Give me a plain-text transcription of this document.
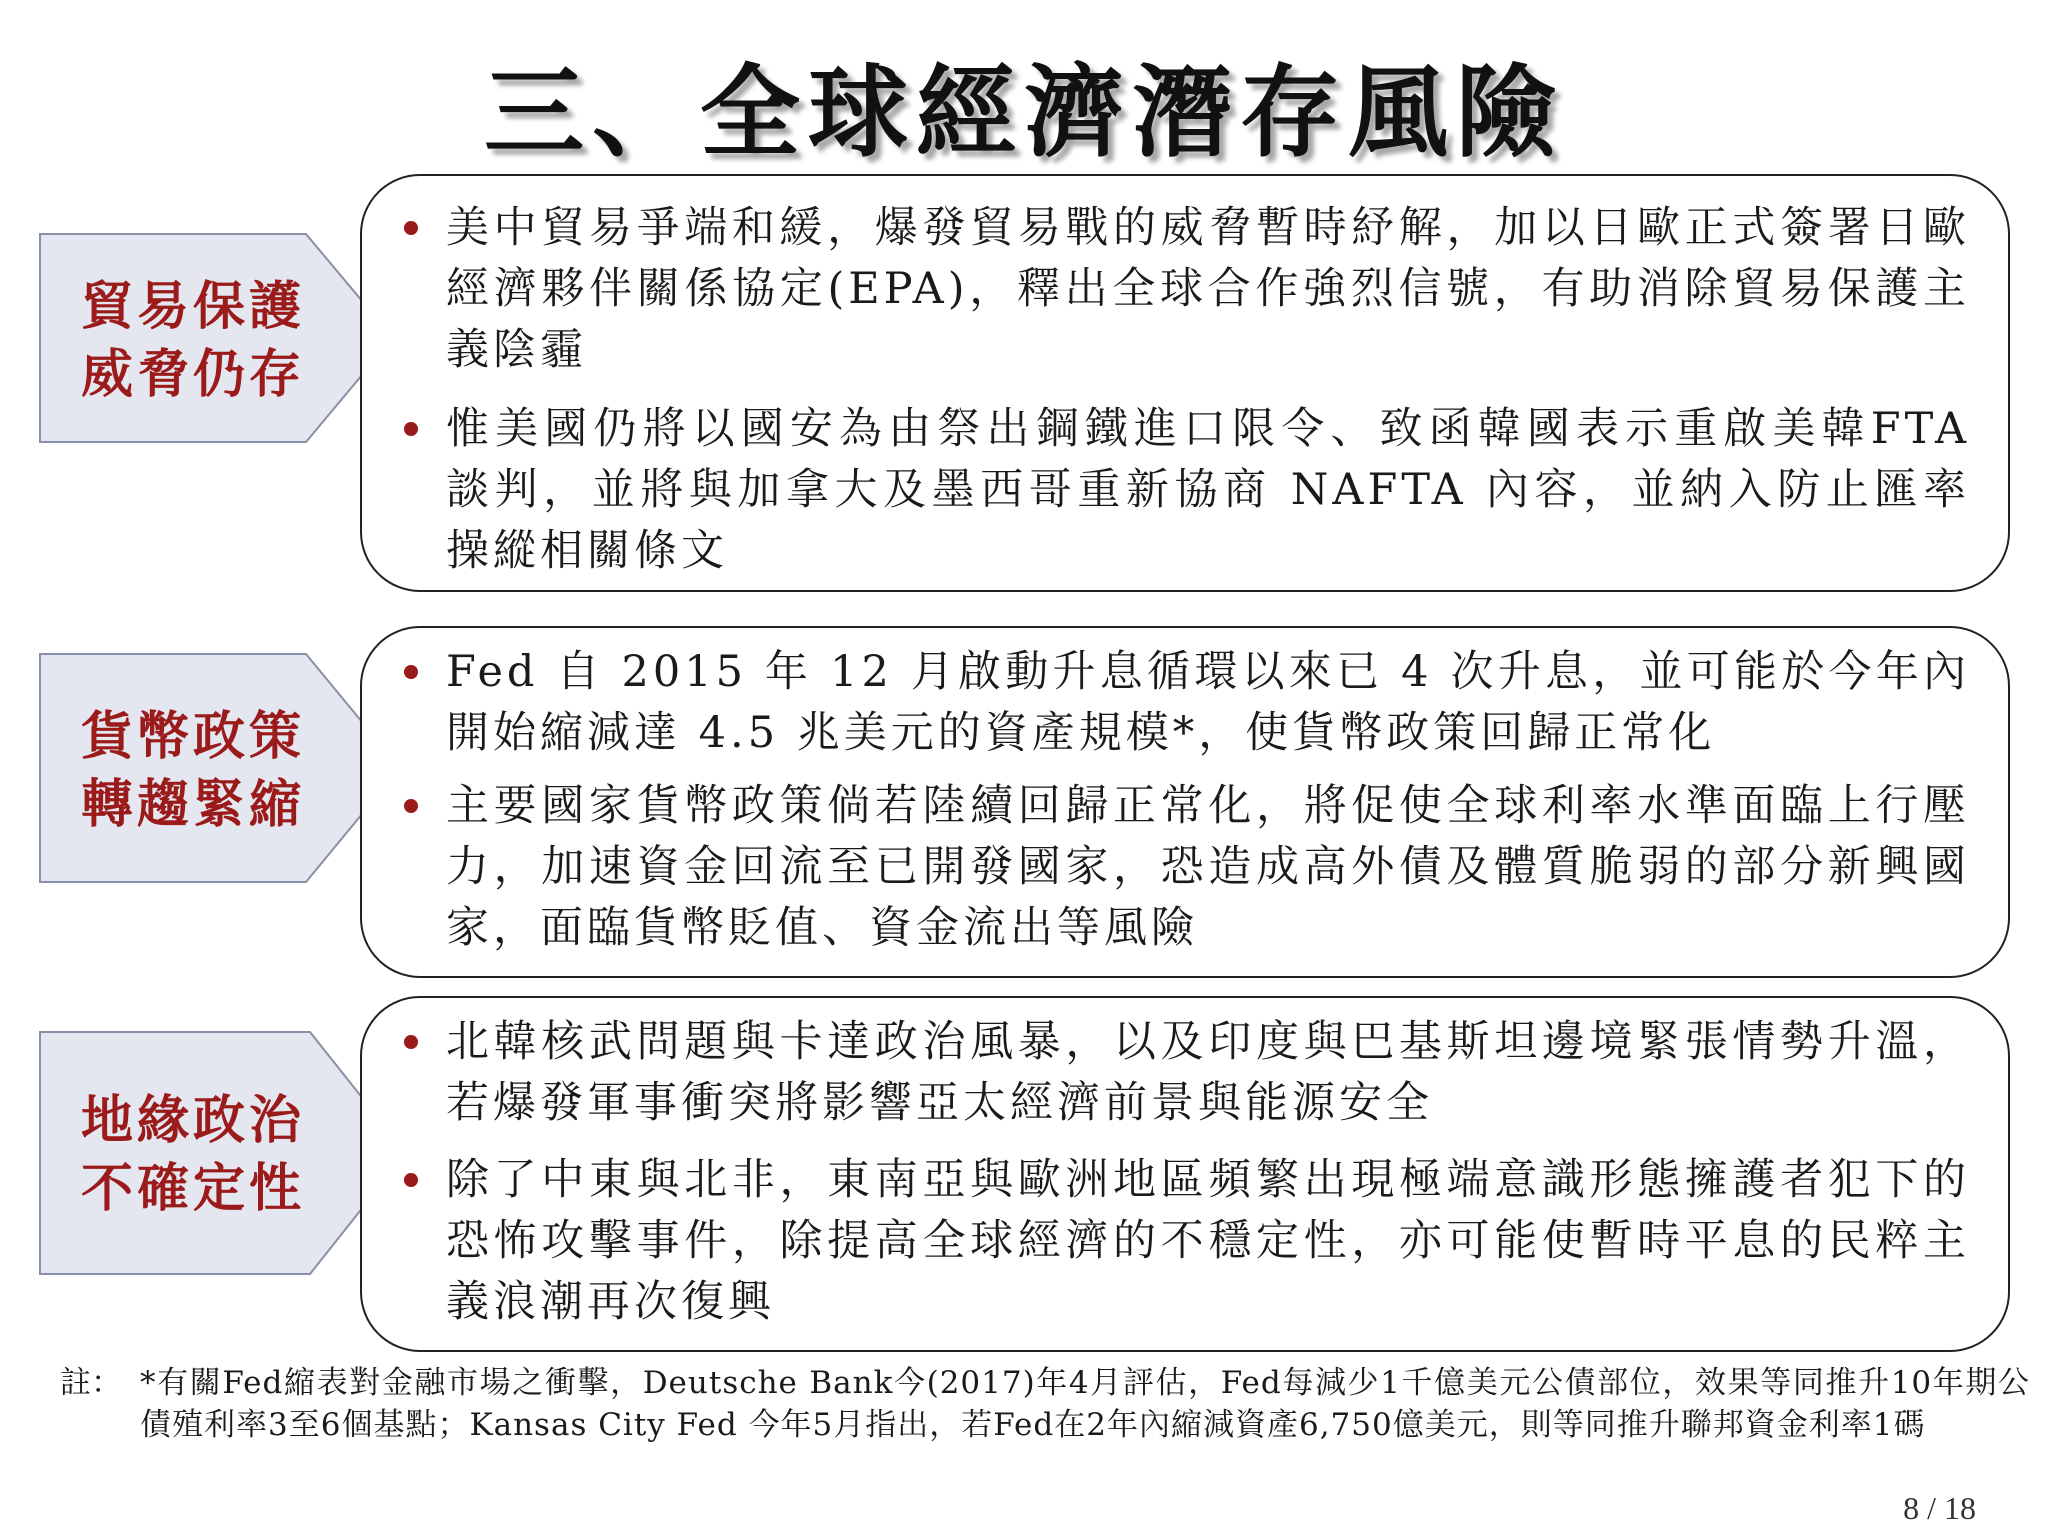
三、全球經濟潛存風險
貿易保護
威脅仍存
美中貿易爭端和緩，爆發貿易戰的威脅暫時紓解，加以日歐正式簽署日歐經濟夥伴關係協定(EPA)，釋出全球合作強烈信號，有助消除貿易保護主義陰霾
惟美國仍將以國安為由祭出鋼鐵進口限令、致函韓國表示重啟美韓FTA 談判，並將與加拿大及墨西哥重新協商 NAFTA 內容，並納入防止匯率操縱相關條文
貨幣政策
轉趨緊縮
Fed 自 2015 年 12 月啟動升息循環以來已 4 次升息，並可能於今年內開始縮減達 4.5 兆美元的資產規模*，使貨幣政策回歸正常化
主要國家貨幣政策倘若陸續回歸正常化，將促使全球利率水準面臨上行壓力，加速資金回流至已開發國家，恐造成高外債及體質脆弱的部分新興國家，面臨貨幣貶值、資金流出等風險
地緣政治
不確定性
北韓核武問題與卡達政治風暴，以及印度與巴基斯坦邊境緊張情勢升溫，若爆發軍事衝突將影響亞太經濟前景與能源安全
除了中東與北非，東南亞與歐洲地區頻繁出現極端意識形態擁護者犯下的恐怖攻擊事件，除提高全球經濟的不穩定性，亦可能使暫時平息的民粹主義浪潮再次復興
註： *有關Fed縮表對金融市場之衝擊，Deutsche Bank今(2017)年4月評估，Fed每減少1千億美元公債部位，效果等同推升10年期公債殖利率3至6個基點；Kansas City Fed 今年5月指出，若Fed在2年內縮減資產6,750億美元，則等同推升聯邦資金利率1碼
8 / 18
